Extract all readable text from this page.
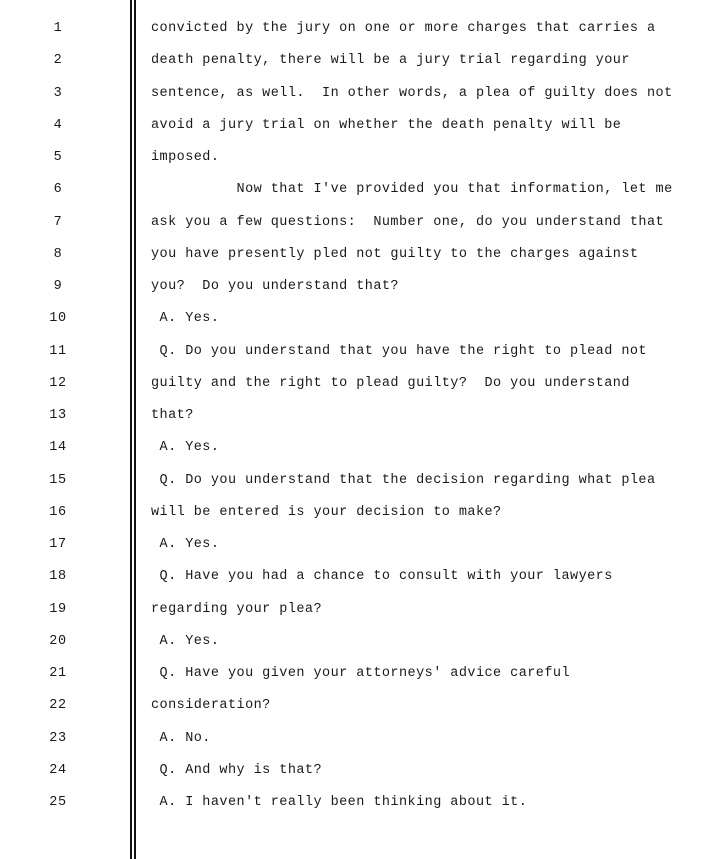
1	convicted by the jury on one or more charges that carries a
2	death penalty, there will be a jury trial regarding your
3	sentence, as well.  In other words, a plea of guilty does not
4	avoid a jury trial on whether the death penalty will be
5	imposed.
6	Now that I've provided you that information, let me
7	ask you a few questions:  Number one, do you understand that
8	you have presently pled not guilty to the charges against
9	you?  Do you understand that?
10	A. Yes.
11	Q. Do you understand that you have the right to plead not
12	guilty and the right to plead guilty?  Do you understand
13	that?
14	A. Yes.
15	Q. Do you understand that the decision regarding what plea
16	will be entered is your decision to make?
17	A. Yes.
18	Q. Have you had a chance to consult with your lawyers
19	regarding your plea?
20	A. Yes.
21	Q. Have you given your attorneys' advice careful
22	consideration?
23	A. No.
24	Q. And why is that?
25	A. I haven't really been thinking about it.
